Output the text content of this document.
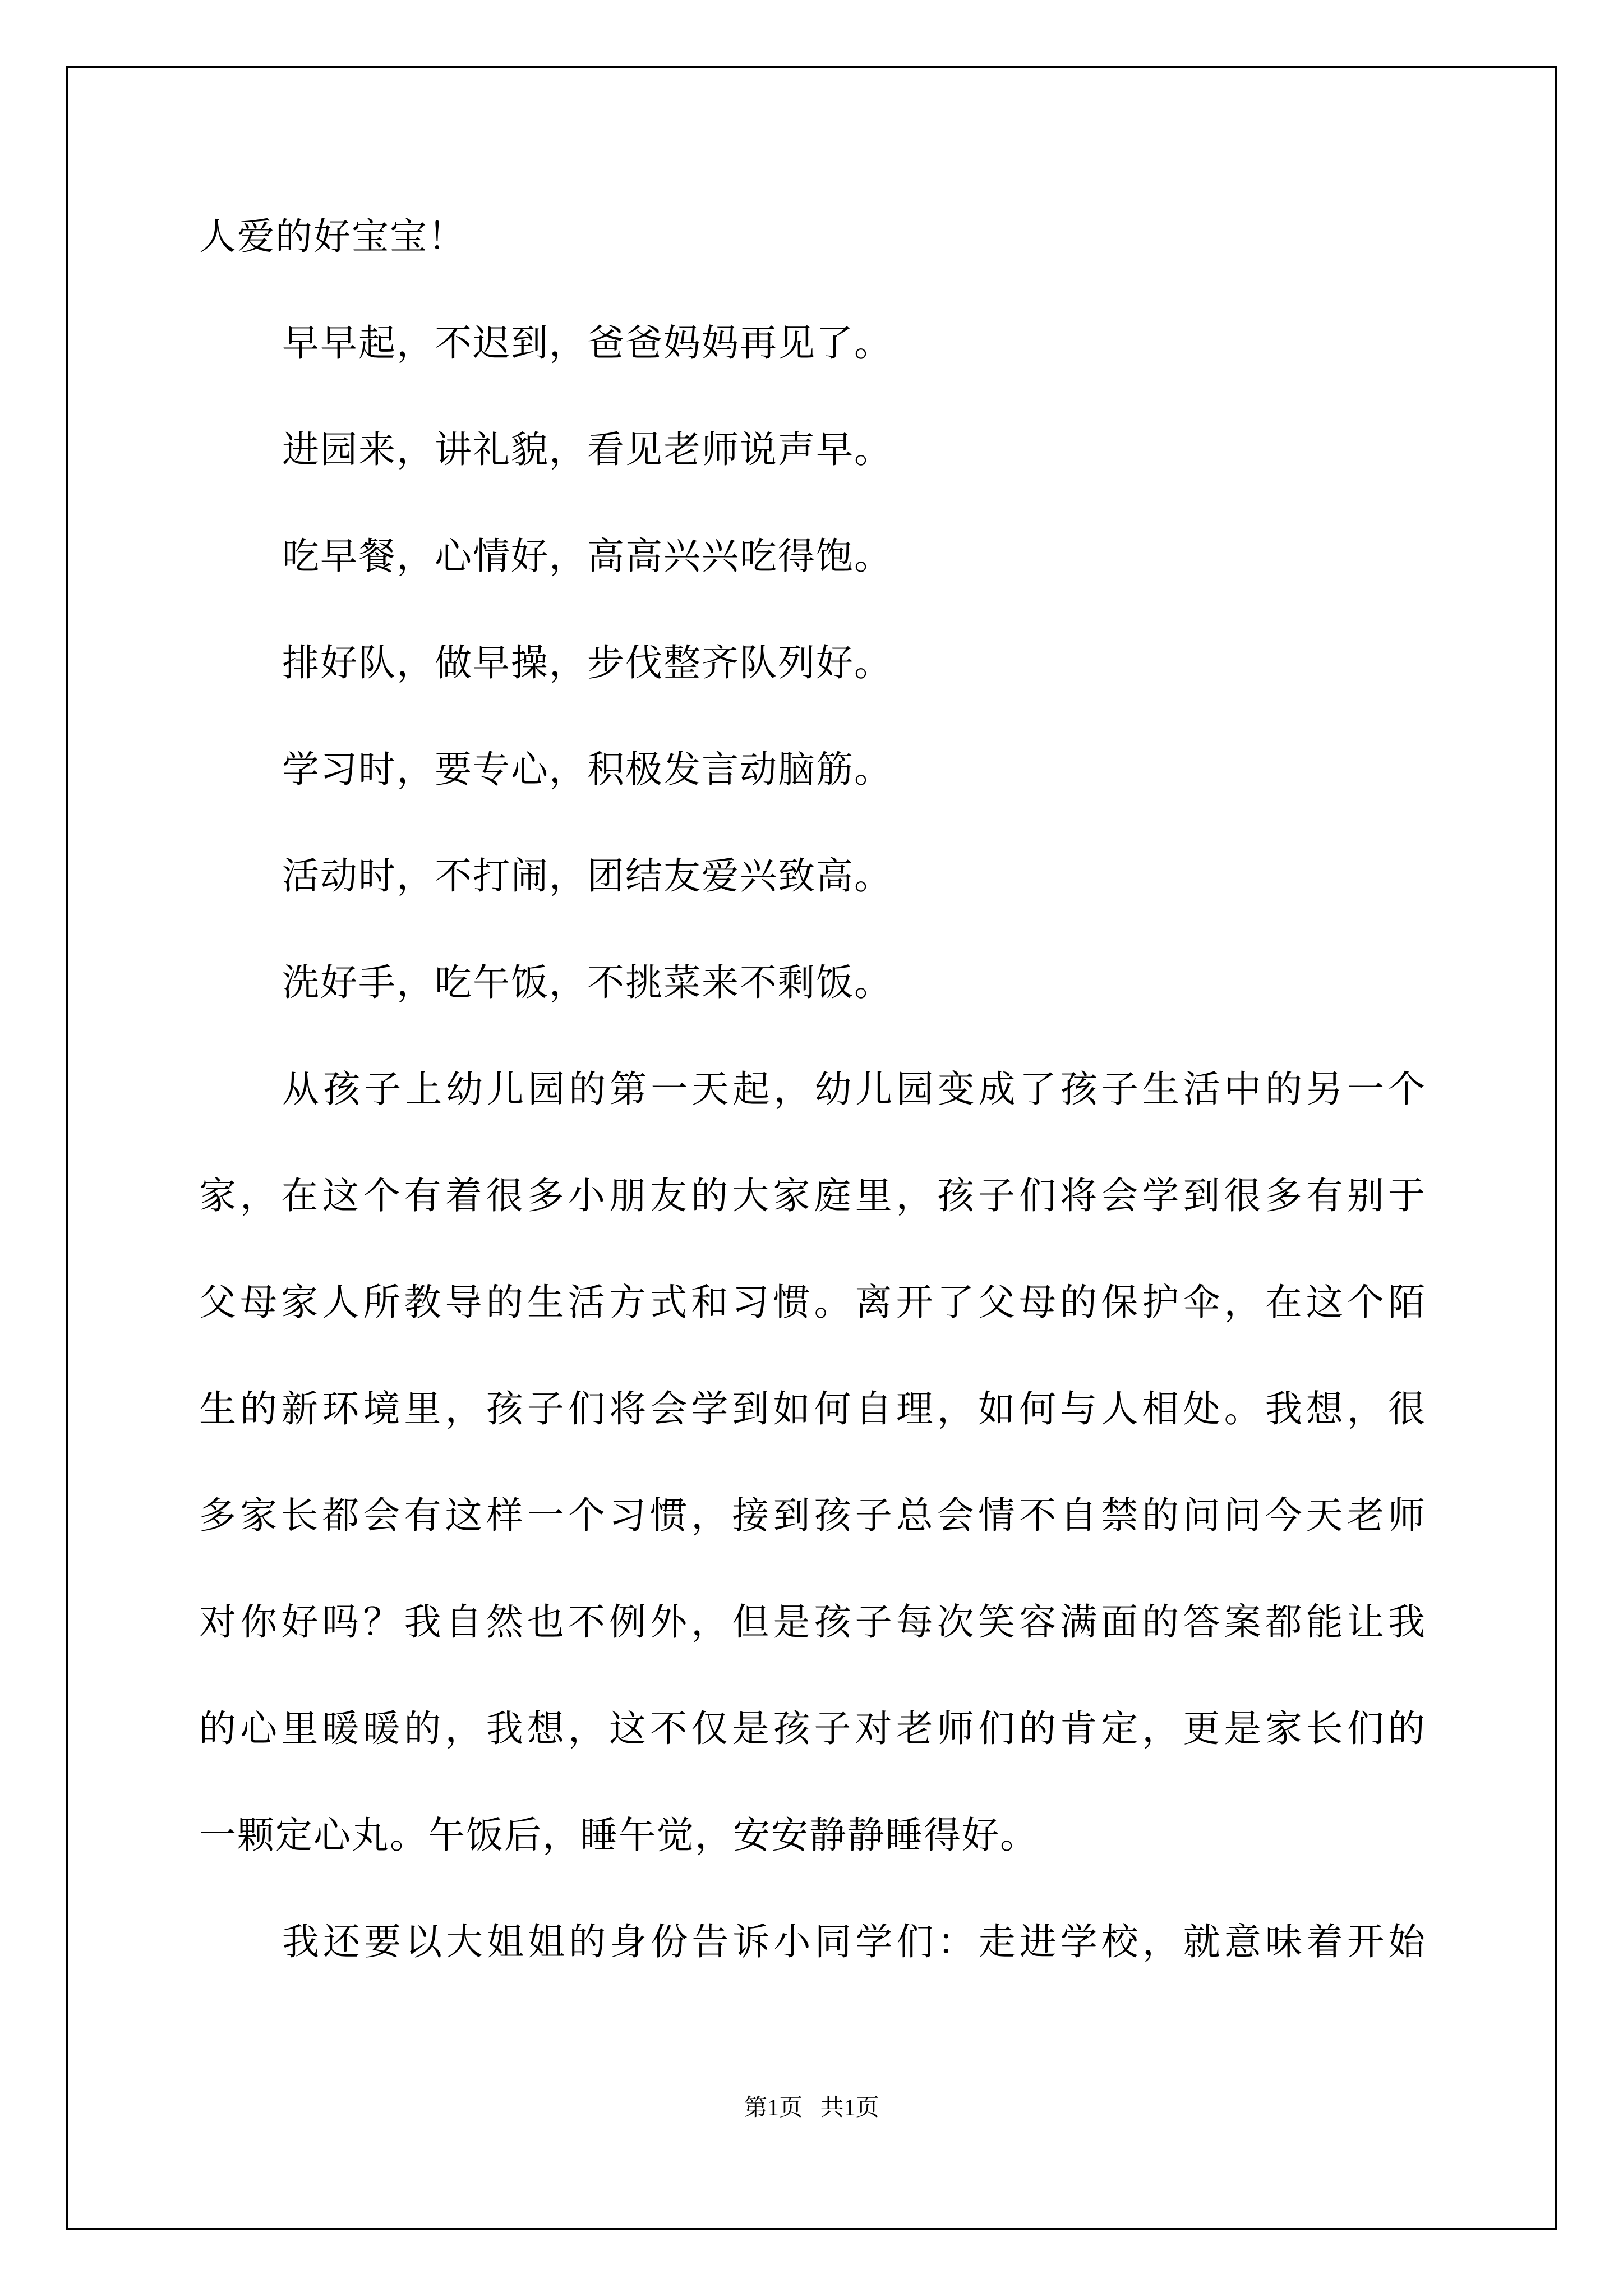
人爱的好宝宝！
早早起，不迟到，爸爸妈妈再见了。
进园来，讲礼貌，看见老师说声早。
吃早餐，心情好，高高兴兴吃得饱。
排好队，做早操，步伐整齐队列好。
学习时，要专心，积极发言动脑筋。
活动时，不打闹，团结友爱兴致高。
洗好手，吃午饭，不挑菜来不剩饭。
从孩子上幼儿园的第一天起，幼儿园变成了孩子生活中的另一个
家，在这个有着很多小朋友的大家庭里，孩子们将会学到很多有别于
父母家人所教导的生活方式和习惯。离开了父母的保护伞，在这个陌
生的新环境里，孩子们将会学到如何自理，如何与人相处。我想，很
多家长都会有这样一个习惯，接到孩子总会情不自禁的问问今天老师
对你好吗？我自然也不例外，但是孩子每次笑容满面的答案都能让我
的心里暖暖的，我想，这不仅是孩子对老师们的肯定，更是家长们的
一颗定心丸。午饭后，睡午觉，安安静静睡得好。
我还要以大姐姐的身份告诉小同学们：走进学校，就意味着开始
第1页   共1页
